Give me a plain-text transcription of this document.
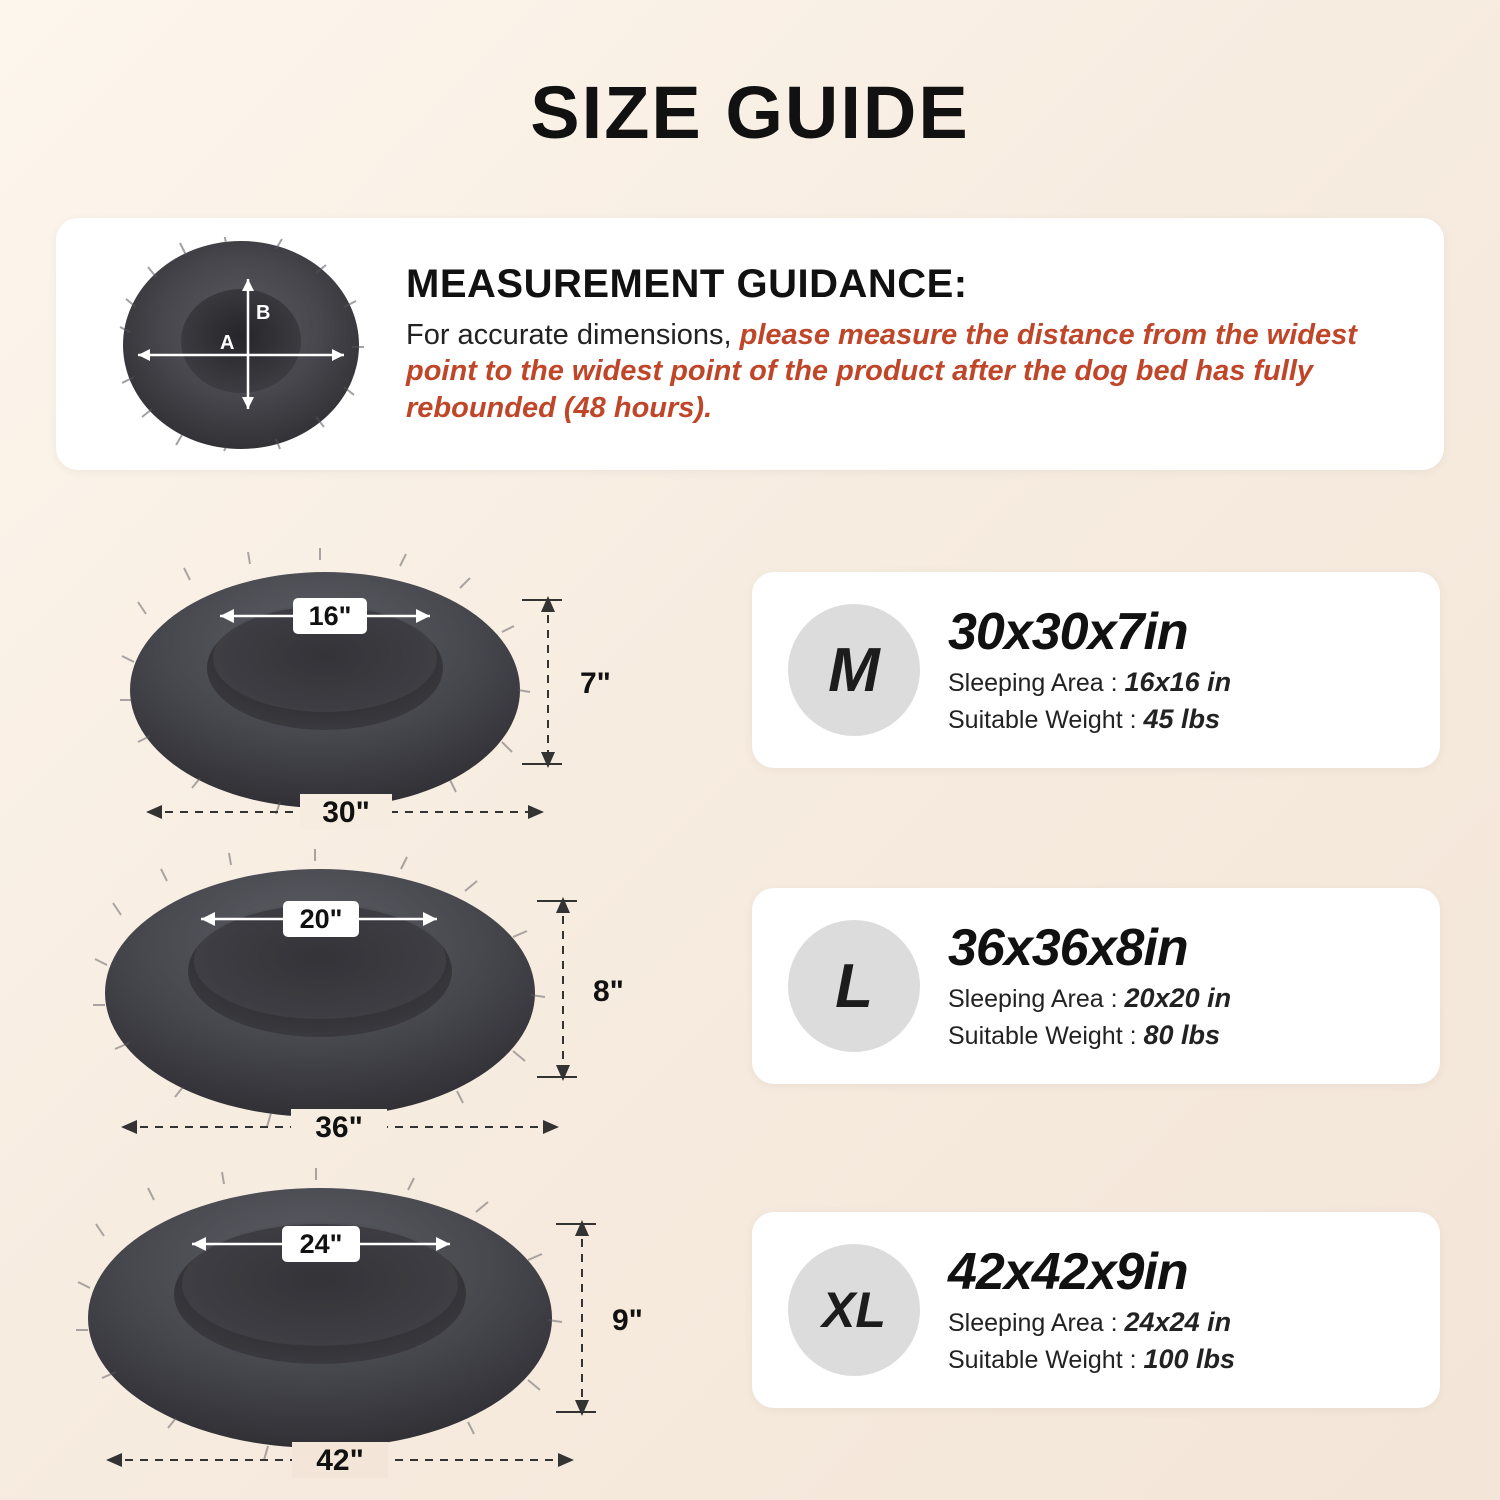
SIZE GUIDE
A
B
MEASUREMENT GUIDANCE:
For accurate dimensions, please measure the distance from the widest point to the widest point of the product after the dog bed has fully rebounded (48 hours).
16"
7"
30"
20"
8"
36"
24"
9"
42"
M
30x30x7in
Sleeping Area : 16x16 in
Suitable Weight : 45 lbs
L
36x36x8in
Sleeping Area : 20x20 in
Suitable Weight : 80 lbs
XL
42x42x9in
Sleeping Area : 24x24 in
Suitable Weight : 100 lbs
